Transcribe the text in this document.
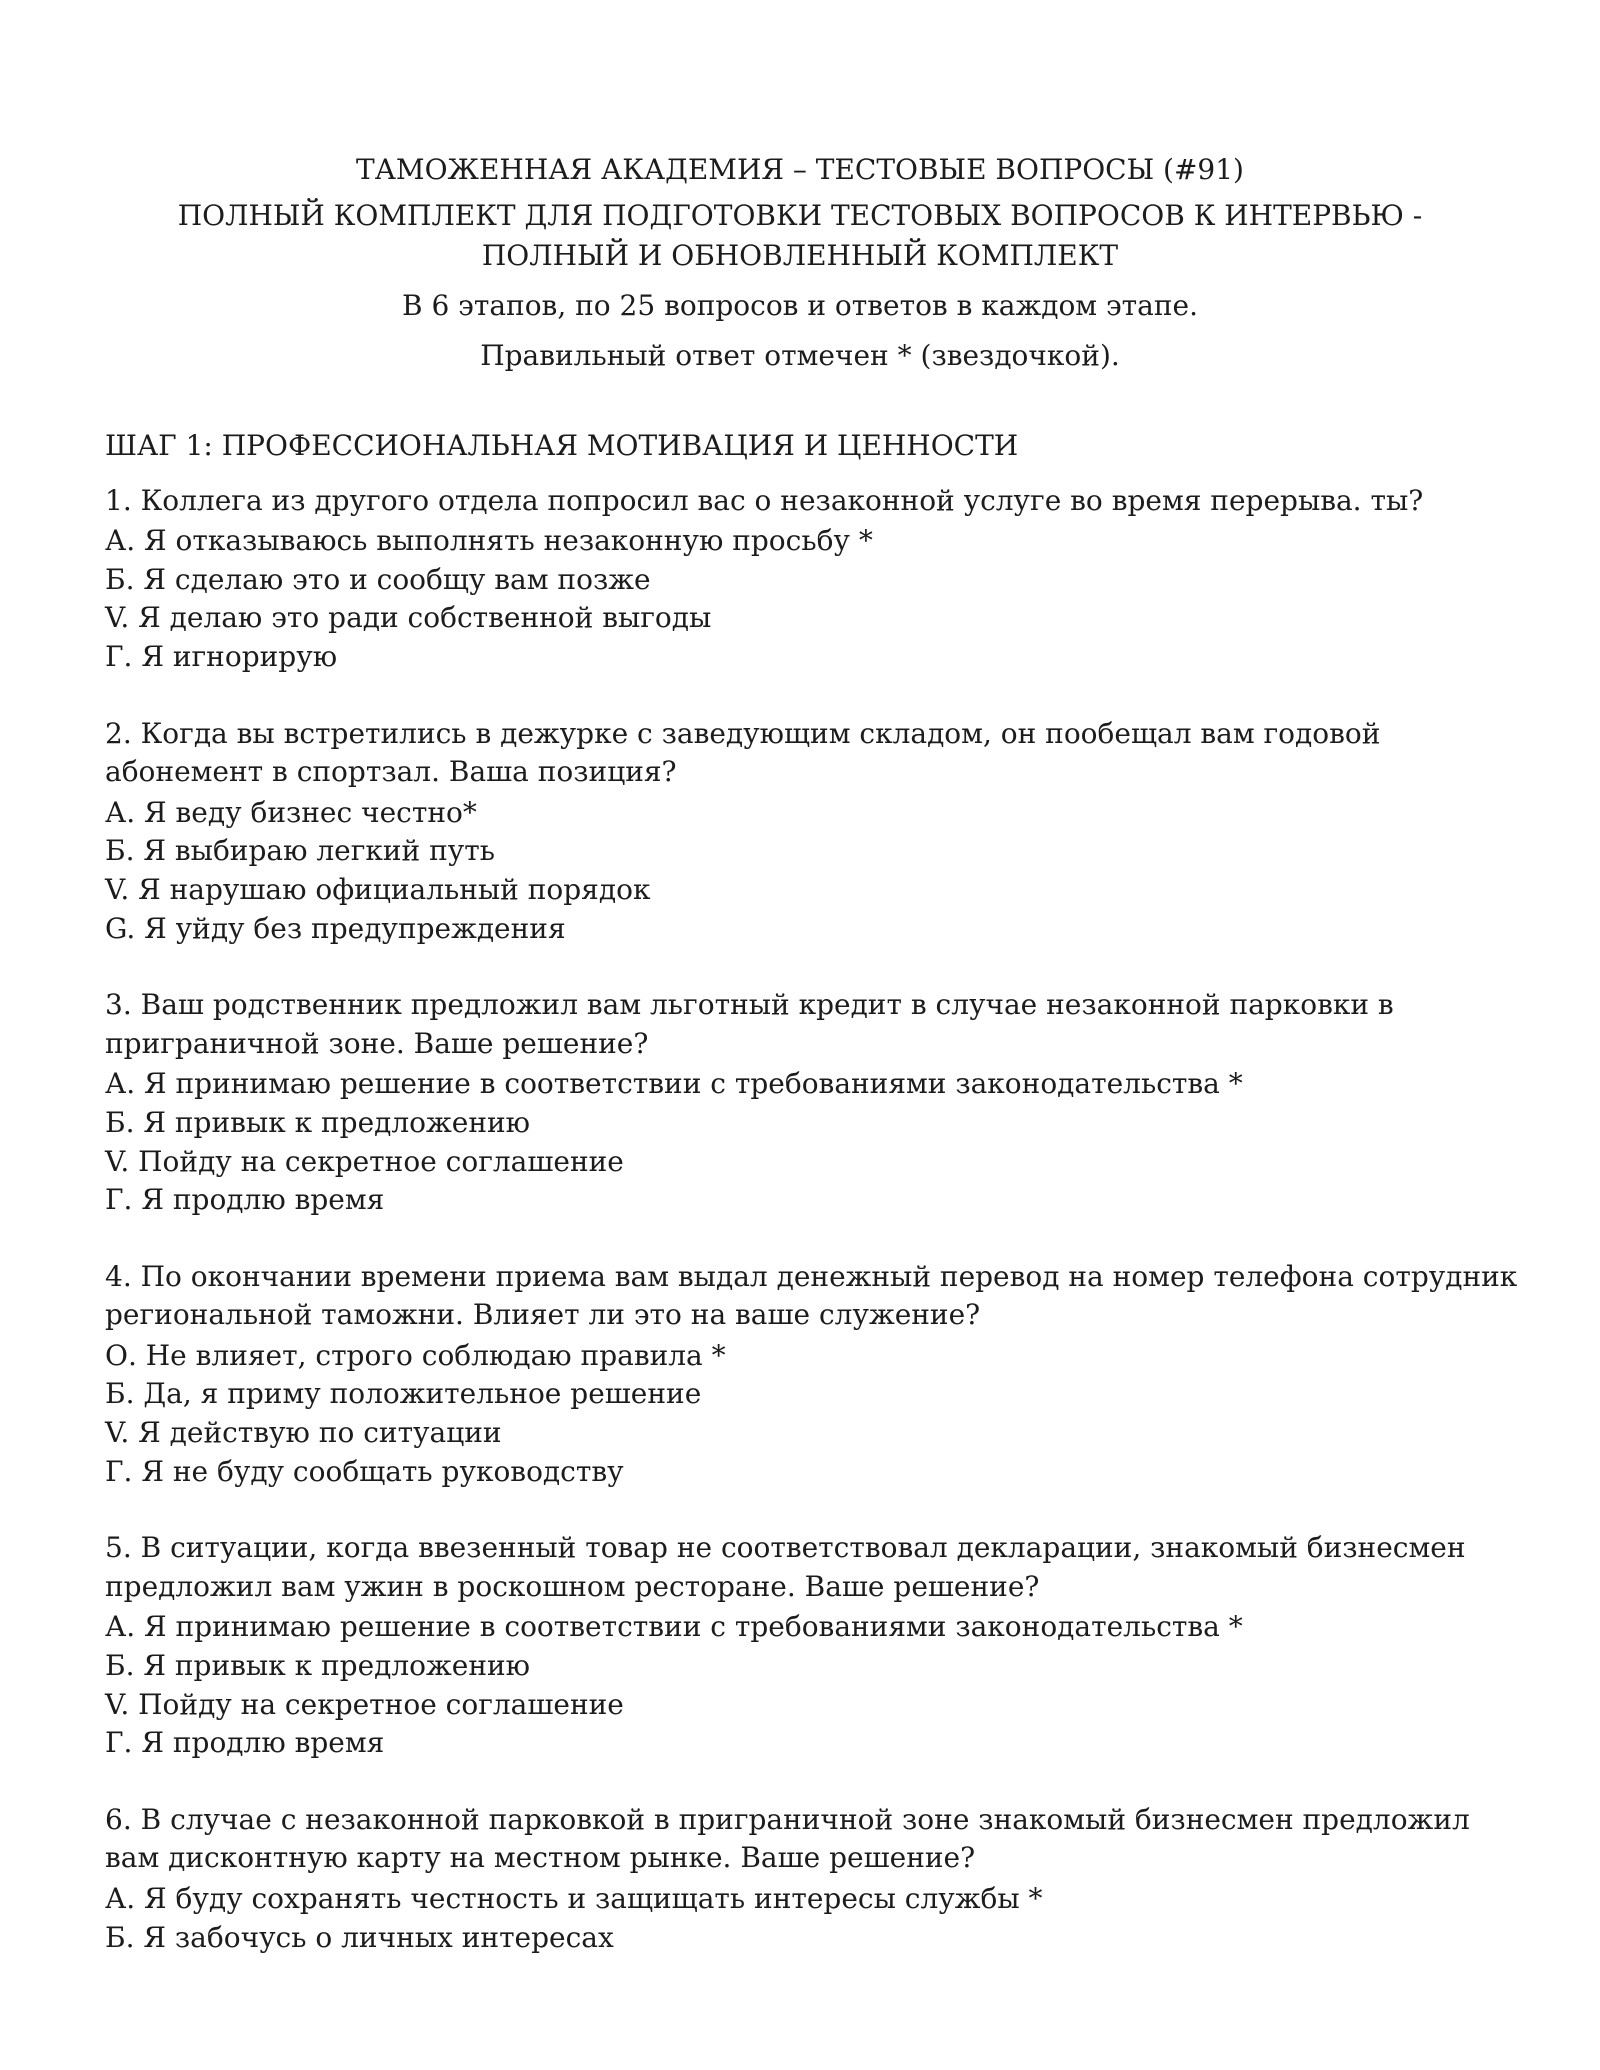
ТАМОЖЕННАЯ АКАДЕМИЯ – ТЕСТОВЫЕ ВОПРОСЫ (#91)

ПОЛНЫЙ КОМПЛЕКТ ДЛЯ ПОДГОТОВКИ ТЕСТОВЫХ ВОПРОСОВ К ИНТЕРВЬЮ - ПОЛНЫЙ И ОБНОВЛЕННЫЙ КОМПЛЕКТ

В 6 этапов, по 25 вопросов и ответов в каждом этапе.

Правильный ответ отмечен * (звездочкой).

ШАГ 1: ПРОФЕССИОНАЛЬНАЯ МОТИВАЦИЯ И ЦЕННОСТИ

1. Коллега из другого отдела попросил вас о незаконной услуге во время перерыва. ты?

А. Я отказываюсь выполнять незаконную просьбу *

Б. Я сделаю это и сообщу вам позже

V. Я делаю это ради собственной выгоды

Г. Я игнорирую

2. Когда вы встретились в дежурке с заведующим складом, он пообещал вам годовой абонемент в спортзал. Ваша позиция?

А. Я веду бизнес честно*

Б. Я выбираю легкий путь

V. Я нарушаю официальный порядок

G. Я уйду без предупреждения

3. Ваш родственник предложил вам льготный кредит в случае незаконной парковки в приграничной зоне. Ваше решение?

А. Я принимаю решение в соответствии с требованиями законодательства *

Б. Я привык к предложению

V. Пойду на секретное соглашение

Г. Я продлю время

4. По окончании времени приема вам выдал денежный перевод на номер телефона сотрудник региональной таможни. Влияет ли это на ваше служение?

О. Не влияет, строго соблюдаю правила *

Б. Да, я приму положительное решение

V. Я действую по ситуации

Г. Я не буду сообщать руководству

5. В ситуации, когда ввезенный товар не соответствовал декларации, знакомый бизнесмен предложил вам ужин в роскошном ресторане. Ваше решение?

А. Я принимаю решение в соответствии с требованиями законодательства *

Б. Я привык к предложению

V. Пойду на секретное соглашение

Г. Я продлю время

6. В случае с незаконной парковкой в приграничной зоне знакомый бизнесмен предложил вам дисконтную карту на местном рынке. Ваше решение?

А. Я буду сохранять честность и защищать интересы службы *

Б. Я забочусь о личных интересах
